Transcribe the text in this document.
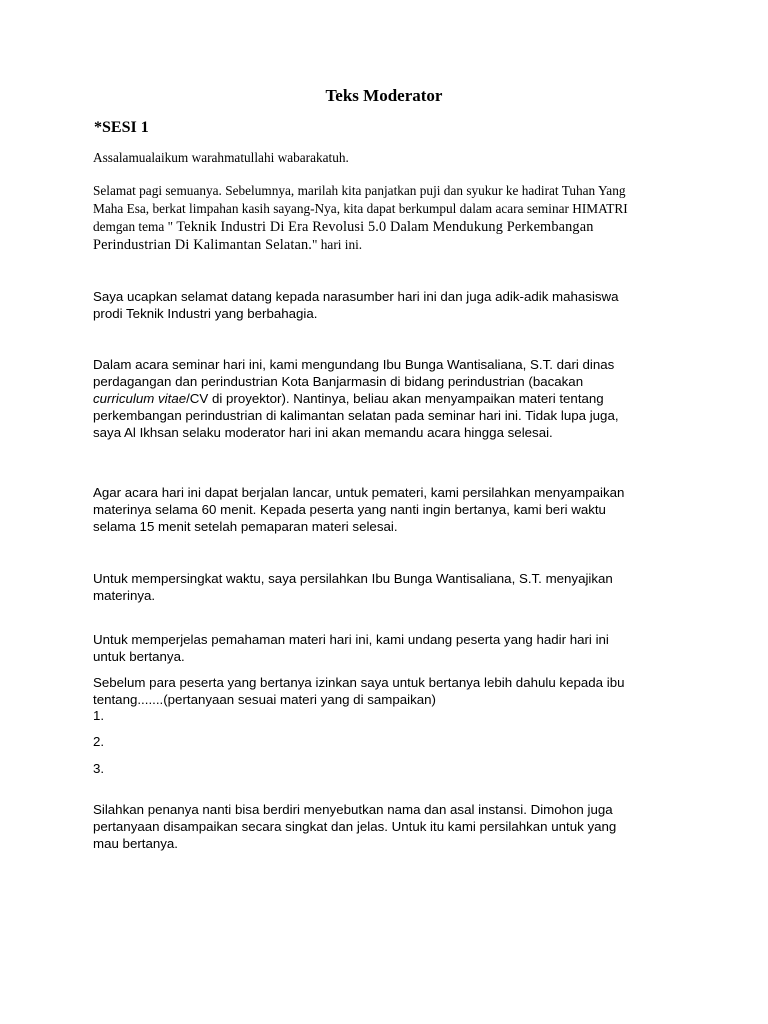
Teks Moderator
*SESI 1

Assalamualaikum warahmatullahi wabarakatuh.

Selamat pagi semuanya. Sebelumnya, marilah kita panjatkan puji dan syukur ke hadirat Tuhan Yang
Maha Esa, berkat limpahan kasih sayang-Nya, kita dapat berkumpul dalam acara seminar HIMATRI
demgan tema " Teknik Industri Di Era Revolusi 5.0 Dalam Mendukung Perkembangan
Perindustrian Di Kalimantan Selatan." hari ini.

Saya ucapkan selamat datang kepada narasumber hari ini dan juga adik-adik mahasiswa
prodi Teknik Industri yang berbahagia.

Dalam acara seminar hari ini, kami mengundang Ibu Bunga Wantisaliana, S.T. dari dinas
perdagangan dan perindustrian Kota Banjarmasin di bidang perindustrian (bacakan
curriculum vitae/CV di proyektor). Nantinya, beliau akan menyampaikan materi tentang
perkembangan perindustrian di kalimantan selatan pada seminar hari ini. Tidak lupa juga,
saya Al Ikhsan selaku moderator hari ini akan memandu acara hingga selesai.

Agar acara hari ini dapat berjalan lancar, untuk pemateri, kami persilahkan menyampaikan
materinya selama 60 menit. Kepada peserta yang nanti ingin bertanya, kami beri waktu
selama 15 menit setelah pemaparan materi selesai.

Untuk mempersingkat waktu, saya persilahkan Ibu Bunga Wantisaliana, S.T. menyajikan
materinya.

Untuk memperjelas pemahaman materi hari ini, kami undang peserta yang hadir hari ini
untuk bertanya.

Sebelum para peserta yang bertanya izinkan saya untuk bertanya lebih dahulu kepada ibu
tentang.......(pertanyaan sesuai materi yang di sampaikan)

1.

2.

3.

Silahkan penanya nanti bisa berdiri menyebutkan nama dan asal instansi. Dimohon juga
pertanyaan disampaikan secara singkat dan jelas. Untuk itu kami persilahkan untuk yang
mau bertanya.
